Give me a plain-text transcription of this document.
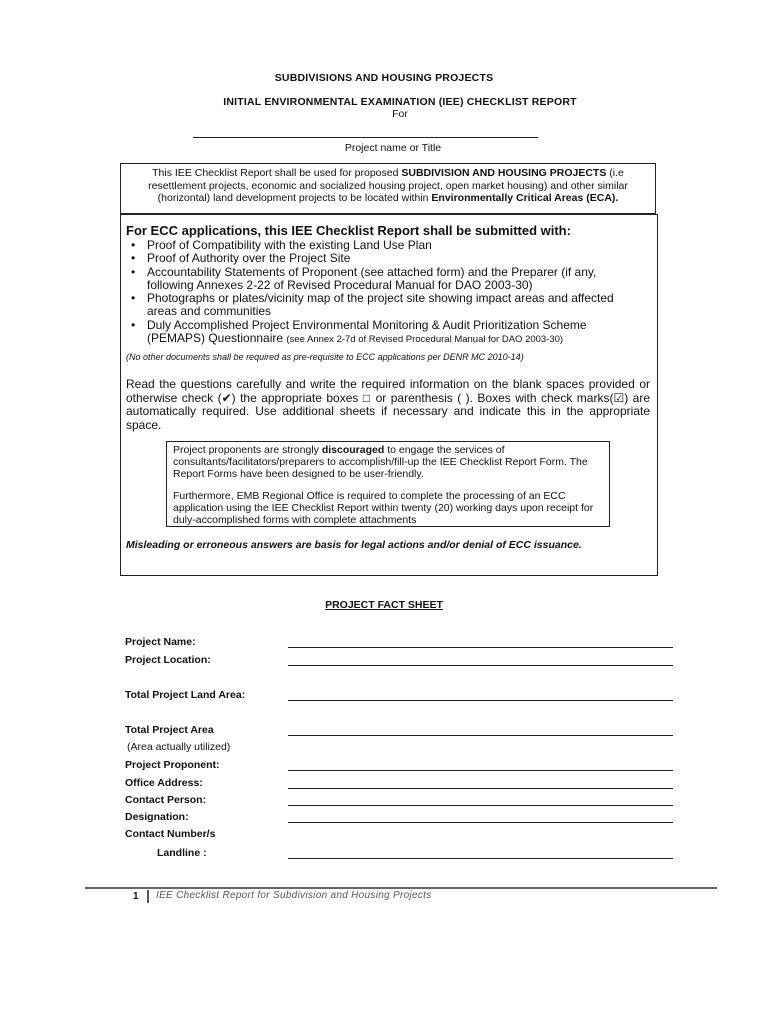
SUBDIVISIONS AND HOUSING PROJECTS
INITIAL ENVIRONMENTAL EXAMINATION (IEE) CHECKLIST REPORT
For
Project name or Title
This IEE Checklist Report shall be used for proposed SUBDIVISION AND HOUSING PROJECTS (i.e resettlement projects, economic and socialized housing project, open market housing) and other similar (horizontal) land development projects to be located within Environmentally Critical Areas (ECA).
For ECC applications, this IEE Checklist Report shall be submitted with:
• Proof of Compatibility with the existing Land Use Plan
• Proof of Authority over the Project Site
• Accountability Statements of Proponent (see attached form) and the Preparer (if any, following Annexes 2-22 of Revised Procedural Manual for DAO 2003-30)
• Photographs or plates/vicinity map of the project site showing impact areas and affected areas and communities
• Duly Accomplished Project Environmental Monitoring & Audit Prioritization Scheme (PEMAPS) Questionnaire (see Annex 2-7d of Revised Procedural Manual for DAO 2003-30)
(No other documents shall be required as pre-requisite to ECC applications per DENR MC 2010-14)
Read the questions carefully and write the required information on the blank spaces provided or otherwise check (✔) the appropriate boxes □ or parenthesis ( ). Boxes with check marks(☑) are automatically required. Use additional sheets if necessary and indicate this in the appropriate space.

Project proponents are strongly discouraged to engage the services of consultants/facilitators/preparers to accomplish/fill-up the IEE Checklist Report Form. The Report Forms have been designed to be user-friendly.

Furthermore, EMB Regional Office is required to complete the processing of an ECC application using the IEE Checklist Report within twenty (20) working days upon receipt for duly-accomplished forms with complete attachments

Misleading or erroneous answers are basis for legal actions and/or denial of ECC issuance.
PROJECT FACT SHEET
Project Name:
Project Location:
Total Project Land Area:
Total Project Area
(Area actually utilized)
Project Proponent:
Office Address:
Contact Person:
Designation:
Contact Number/s
Landline :
1 IEE Checklist Report for Subdivision and Housing Projects
